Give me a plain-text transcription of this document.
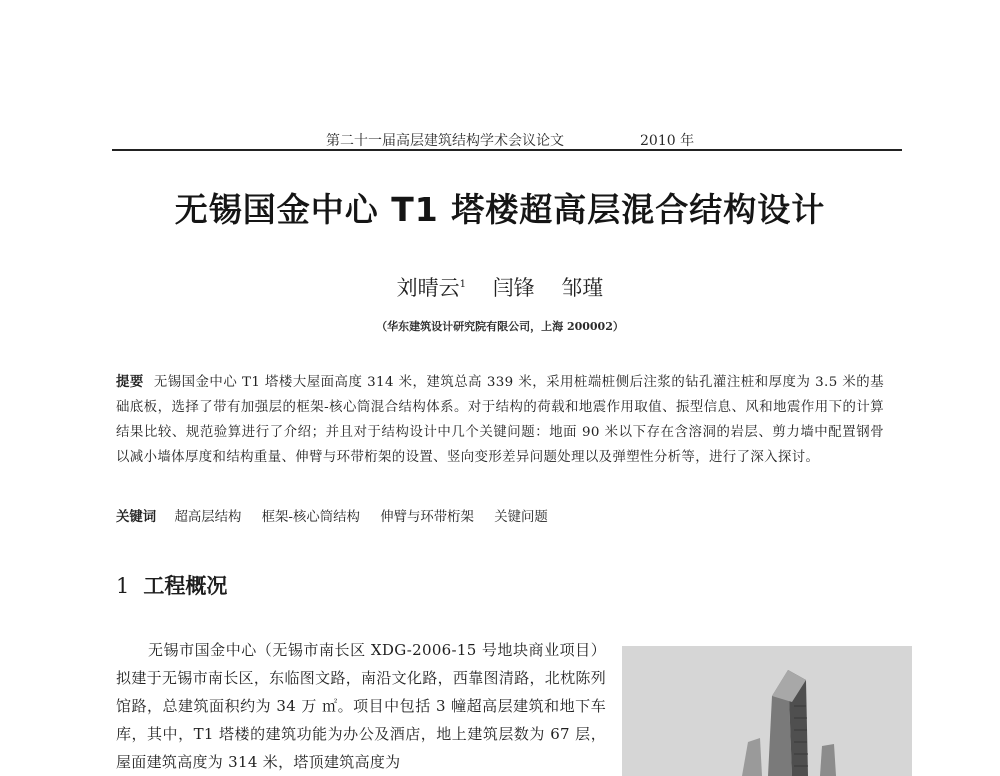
第二十一届高层建筑结构学术会议论文	2010 年
无锡国金中心 T1 塔楼超高层混合结构设计
刘晴云$^1$ 闫锋 邹瑾
（华东建筑设计研究院有限公司，上海 200002）
提要 无锡国金中心 T1 塔楼大屋面高度 314 米，建筑总高 339 米，采用桩端桩侧后注浆的钻孔灌注桩和厚度为 3.5 米的基础底板，选择了带有加强层的框架-核心筒混合结构体系。对于结构的荷载和地震作用取值、振型信息、风和地震作用下的计算结果比较、规范验算进行了介绍；并且对于结构设计中几个关键问题：地面 90 米以下存在含溶洞的岩层、剪力墙中配置钢骨以减小墙体厚度和结构重量、伸臂与环带桁架的设置、竖向变形差异问题处理以及弹塑性分析等，进行了深入探讨。
关键词 超高层结构 框架-核心筒结构 伸臂与环带桁架 关键问题
1 工程概况

无锡市国金中心（无锡市南长区 XDG-2006-15 号地块商业项目）拟建于无锡市南长区，东临图文路，南沿文化路，西靠图清路，北枕陈列馆路，总建筑面积约为 34 万 ㎡。项目中包括 3 幢超高层建筑和地下车库，其中，T1 塔楼的建筑功能为办公及酒店，地上建筑层数为 67 层，屋面建筑高度为 314 米，塔顶建筑高度为
